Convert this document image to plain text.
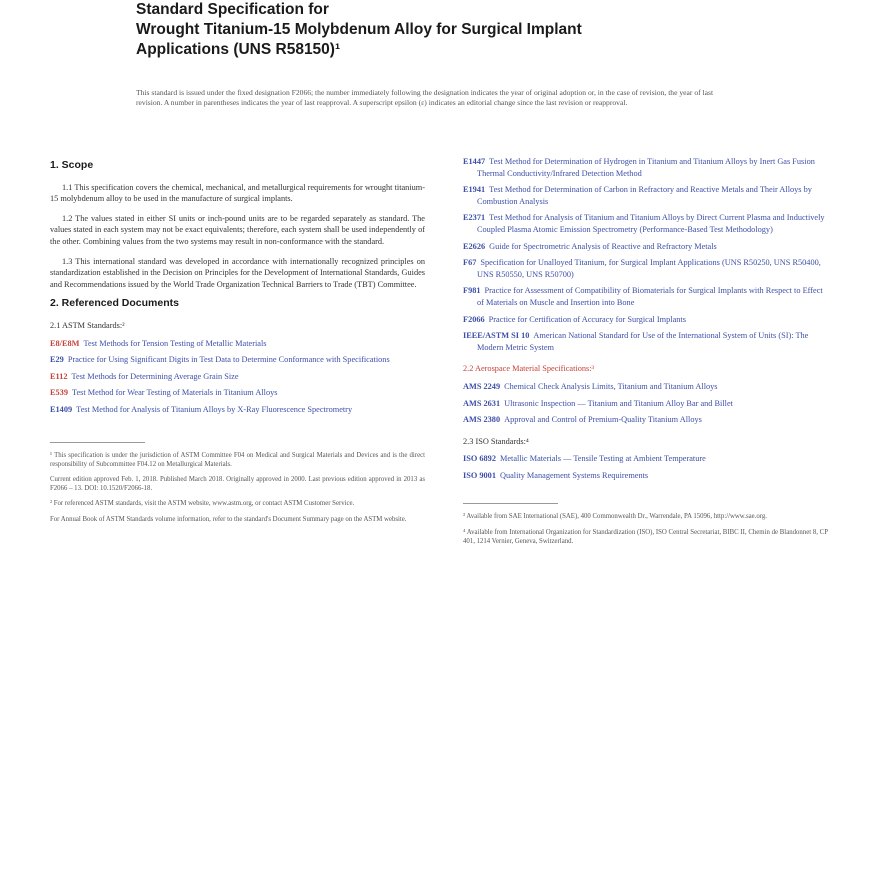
Standard Specification for
Wrought Titanium-15 Molybdenum Alloy for Surgical Implant
Applications (UNS R58150)¹
This standard is issued under the fixed designation F2066; the number immediately following the designation indicates the year of original adoption or, in the case of revision, the year of last revision. A number in parentheses indicates the year of last reapproval. A superscript epsilon (ε) indicates an editorial change since the last revision or reapproval.
1. Scope

1.1 This specification covers the chemical, mechanical, and metallurgical requirements for wrought titanium-15 molybdenum alloy to be used in the manufacture of surgical implants.

1.2 The values stated in either SI units or inch-pound units are to be regarded separately as standard. The values stated in each system may not be exact equivalents; therefore, each system shall be used independently of the other. Combining values from the two systems may result in non-conformance with the standard.

1.3 This international standard was developed in accordance with internationally recognized principles on standardization established in the Decision on Principles for the Development of International Standards, Guides and Recommendations issued by the World Trade Organization Technical Barriers to Trade (TBT) Committee.

2. Referenced Documents
2.1 ASTM Standards:²
E8/E8M Test Methods for Tension Testing of Metallic Materials
E29 Practice for Using Significant Digits in Test Data to Determine Conformance with Specifications
E112 Test Methods for Determining Average Grain Size
E539 Test Method for Wear Testing of Materials in Titanium Alloys
E1409 Test Method for Analysis of Titanium Alloys by X-Ray Fluorescence Spectrometry

¹ This specification is under the jurisdiction of ASTM Committee F04 on Medical and Surgical Materials and Devices and is the direct responsibility of Subcommittee F04.12 on Metallurgical Materials.

Current edition approved Feb. 1, 2018. Published March 2018. Originally approved in 2000. Last previous edition approved in 2013 as F2066 – 13. DOI: 10.1520/F2066-18.

² For referenced ASTM standards, visit the ASTM website, www.astm.org, or contact ASTM Customer Service.

For Annual Book of ASTM Standards volume information, refer to the standard's Document Summary page on the ASTM website.

E1447 Test Method for Determination of Hydrogen in Titanium and Titanium Alloys by Inert Gas Fusion Thermal Conductivity/Infrared Detection Method
E1941 Test Method for Determination of Carbon in Refractory and Reactive Metals and Their Alloys by Combustion Analysis
E2371 Test Method for Analysis of Titanium and Titanium Alloys by Direct Current Plasma and Inductively Coupled Plasma Atomic Emission Spectrometry (Performance-Based Test Methodology)
E2626 Guide for Spectrometric Analysis of Reactive and Refractory Metals
F67 Specification for Unalloyed Titanium, for Surgical Implant Applications (UNS R50250, UNS R50400, UNS R50550, UNS R50700)
F981 Practice for Assessment of Compatibility of Biomaterials for Surgical Implants with Respect to Effect of Materials on Muscle and Insertion into Bone
F2066 Practice for Certification of Accuracy for Surgical Implants
IEEE/ASTM SI 10 American National Standard for Use of the International System of Units (SI): The Modern Metric System
2.2 Aerospace Material Specifications:³
AMS 2249 Chemical Check Analysis Limits, Titanium and Titanium Alloys
AMS 2631 Ultrasonic Inspection — Titanium and Titanium Alloy Bar and Billet
AMS 2380 Approval and Control of Premium-Quality Titanium Alloys
2.3 ISO Standards:⁴
ISO 6892 Metallic Materials — Tensile Testing at Ambient Temperature
ISO 9001 Quality Management Systems Requirements

³ Available from SAE International (SAE), 400 Commonwealth Dr., Warrendale, PA 15096, http://www.sae.org.

⁴ Available from International Organization for Standardization (ISO), ISO Central Secretariat, BIBC II, Chemin de Blandonnet 8, CP 401, 1214 Vernier, Geneva, Switzerland.
